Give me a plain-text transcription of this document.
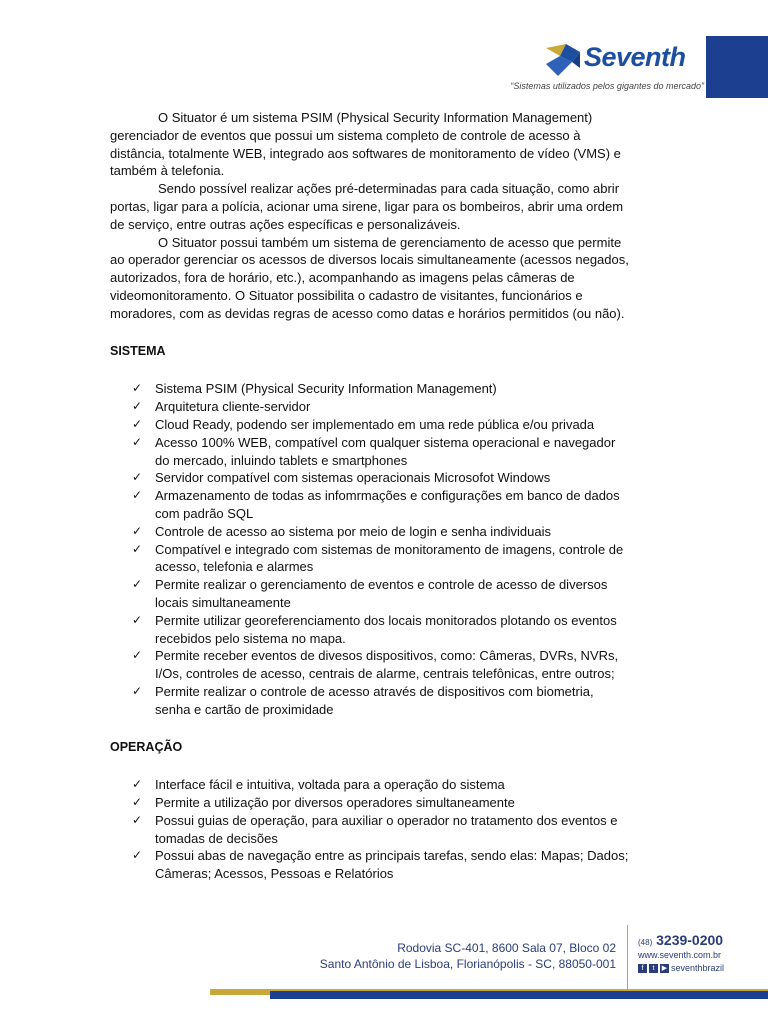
Seventh
“Sistemas utilizados pelos gigantes do mercado”

O Situator é um sistema PSIM (Physical Security Information Management) gerenciador de eventos que possui um sistema completo de controle de acesso à distância, totalmente WEB, integrado aos softwares de monitoramento de vídeo (VMS) e também à telefonia.

Sendo possível realizar ações pré-determinadas para cada situação, como abrir portas, ligar para a polícia, acionar uma sirene, ligar para os bombeiros, abrir uma ordem de serviço, entre outras ações específicas e personalizáveis.

O Situator possui também um sistema de gerenciamento de acesso que permite ao operador gerenciar os acessos de diversos locais simultaneamente (acessos negados, autorizados, fora de horário, etc.), acompanhando as imagens pelas câmeras de videomonitoramento. O Situator possibilita o cadastro de visitantes, funcionários e moradores, com as devidas regras de acesso como datas e horários permitidos (ou não).

SISTEMA
✓ Sistema PSIM (Physical Security Information Management)
✓ Arquitetura cliente-servidor
✓ Cloud Ready, podendo ser implementado em uma rede pública e/ou privada
✓ Acesso 100% WEB, compatível com qualquer sistema operacional e navegador do mercado, inluindo tablets e smartphones
✓ Servidor compatível com sistemas operacionais Microsofot Windows
✓ Armazenamento de todas as infomrmações e configurações em banco de dados com padrão SQL
✓ Controle de acesso ao sistema por meio de login e senha individuais
✓ Compatível e integrado com sistemas de monitoramento de imagens, controle de acesso, telefonia e alarmes
✓ Permite realizar o gerenciamento de eventos e controle de acesso de diversos locais simultaneamente
✓ Permite utilizar georeferenciamento dos locais monitorados plotando os eventos recebidos pelo sistema no mapa.
✓ Permite receber eventos de divesos dispositivos, como: Câmeras, DVRs, NVRs, I/Os, controles de acesso, centrais de alarme, centrais telefônicas, entre outros;
✓ Permite realizar o controle de acesso através de dispositivos com biometria, senha e cartão de proximidade
OPERAÇÃO
✓ Interface fácil e intuitiva, voltada para a operação do sistema
✓ Permite a utilização por diversos operadores simultaneamente
✓ Possui guias de operação, para auxiliar o operador no tratamento dos eventos e tomadas de decisões
✓ Possui abas de navegação entre as principais tarefas, sendo elas: Mapas; Dados; Câmeras; Acessos, Pessoas e Relatórios
Rodovia SC-401, 8600 Sala 07, Bloco 02
Santo Antônio de Lisboa, Florianópolis - SC, 88050-001
(48) 3239-0200
www.seventh.com.br
f	t	▶ seventhbrazil
